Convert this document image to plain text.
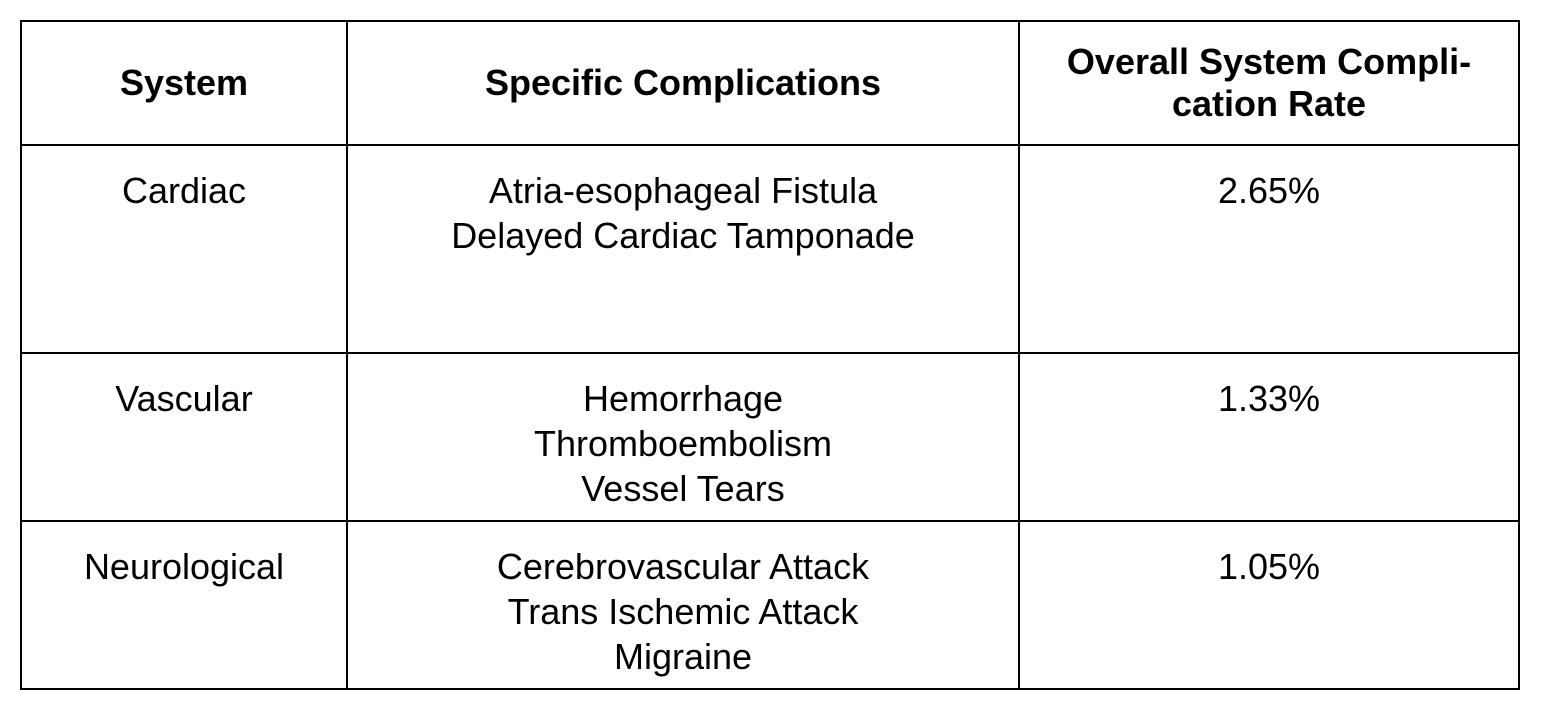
System	Specific Complications	Overall System Compli-
cation Rate

Cardiac	Atria-esophageal Fistula
Delayed Cardiac Tamponade	2.65%

Vascular	Hemorrhage
Thromboembolism
Vessel Tears	1.33%

Neurological	Cerebrovascular Attack
Trans Ischemic Attack
Migraine	1.05%
